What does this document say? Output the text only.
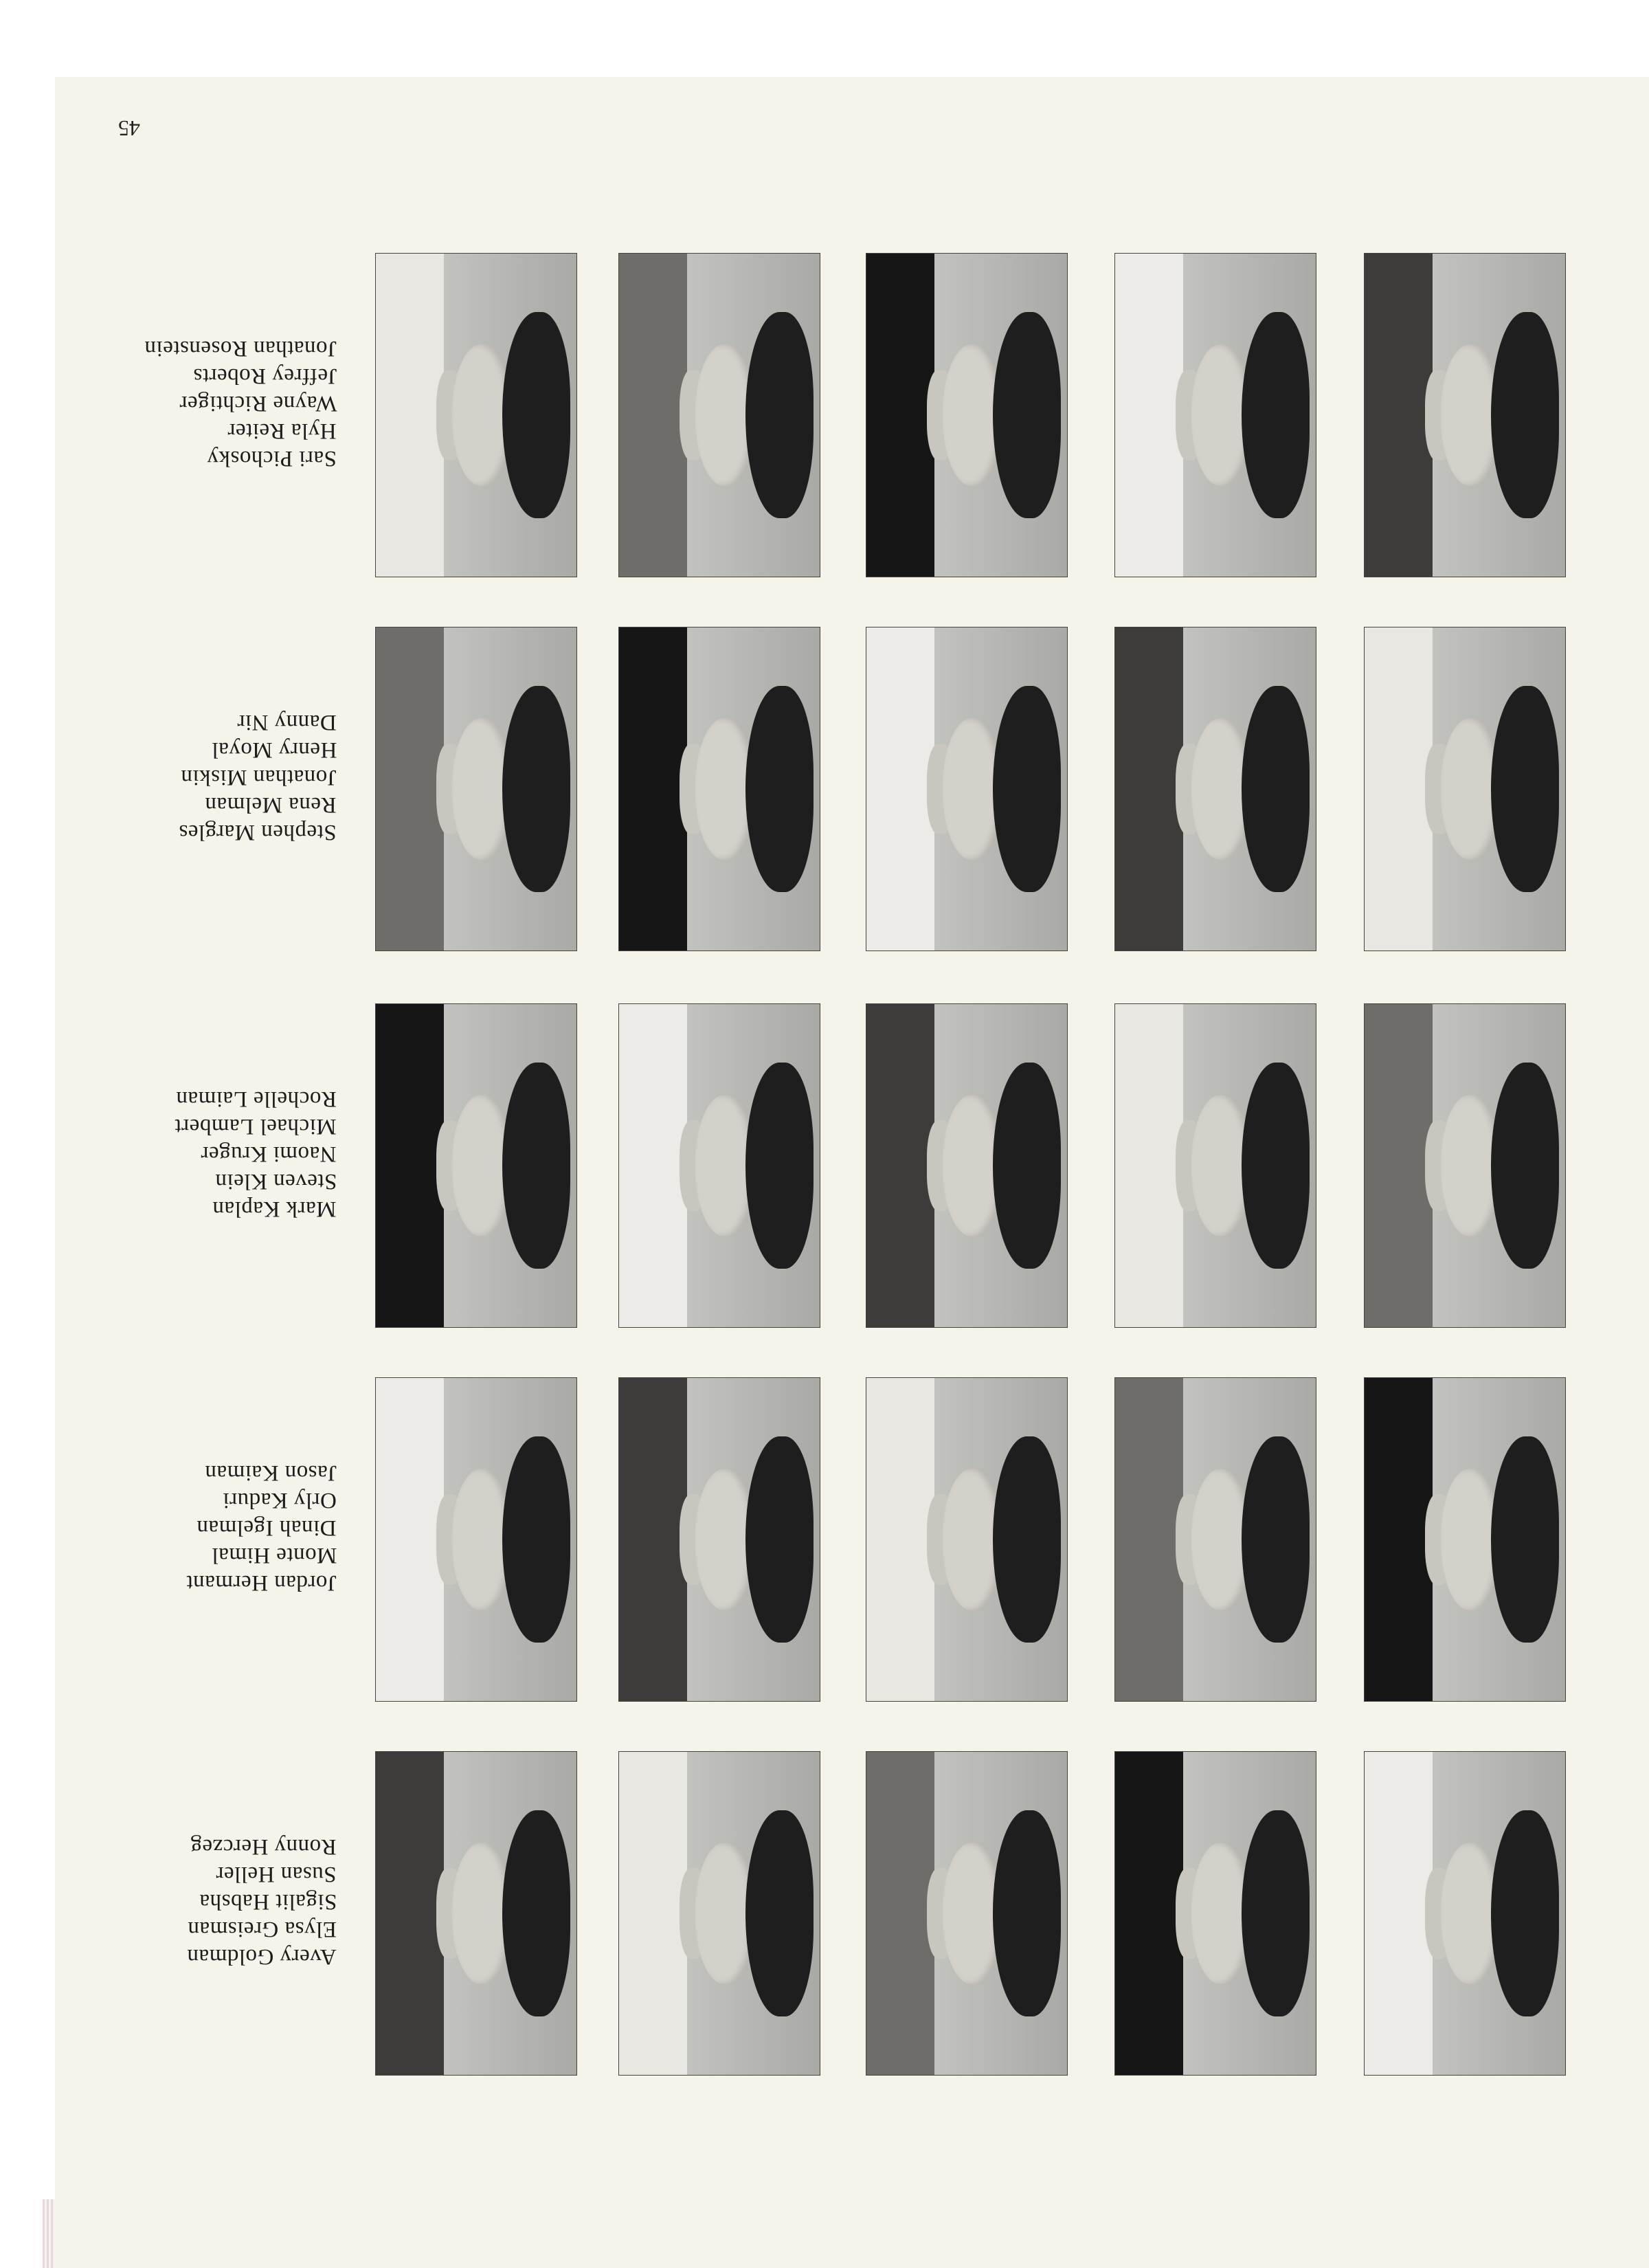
45
Sari Pichosky
Hyla Reiter
Wayne Richtiger
Jeffrey Roberts
Jonathan Rosenstein
Stephen Margles
Rena Melman
Jonathan Miskin
Henry Moyal
Danny Nir
Mark Kaplan
Steven Klein
Naomi Kruger
Michael Lambert
Rochelle Laiman
Jordan Hermant
Monte Himal
Dinah Igelman
Orly Kaduri
Jason Kaiman
Avery Goldman
Elysa Greisman
Sigalit Habsha
Susan Heller
Ronny Herczeg
